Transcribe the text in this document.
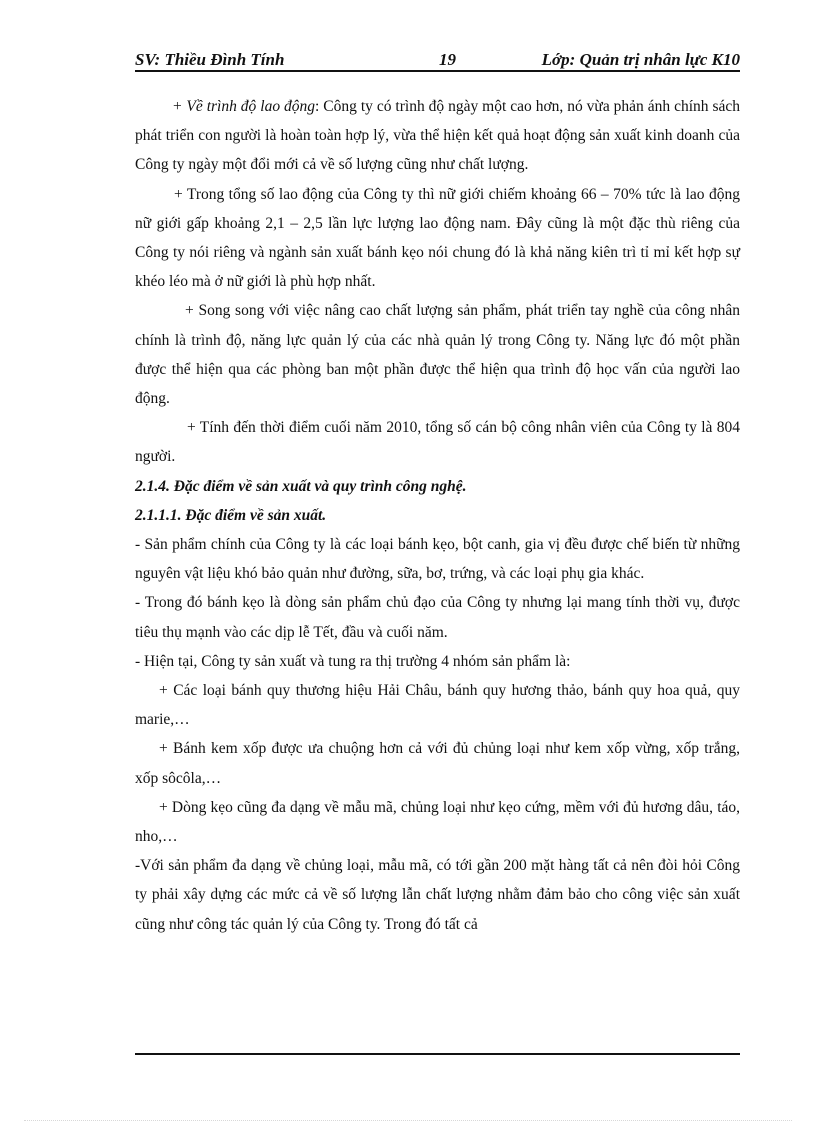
SV: Thiều Đình Tính	19	Lớp: Quản trị nhân lực K10

+ Về trình độ lao động: Công ty có trình độ ngày một cao hơn, nó vừa phản ánh chính sách phát triển con người là hoàn toàn hợp lý, vừa thể hiện kết quả hoạt động sản xuất kinh doanh của Công ty ngày một đổi mới cả về số lượng cũng như chất lượng.

+ Trong tổng số lao động của Công ty thì nữ giới chiếm khoảng 66 – 70% tức là lao động nữ giới gấp khoảng 2,1 – 2,5 lần lực lượng lao động nam. Đây cũng là một đặc thù riêng của Công ty nói riêng và ngành sản xuất bánh kẹo nói chung đó là khả năng kiên trì tỉ mỉ kết hợp sự khéo léo mà ở nữ giới là phù hợp nhất.

+ Song song với việc nâng cao chất lượng sản phẩm, phát triển tay nghề của công nhân chính là trình độ, năng lực quản lý của các nhà quản lý trong Công ty. Năng lực đó một phần được thể hiện qua các phòng ban một phần được thể hiện qua trình độ học vấn của người lao động.

+ Tính đến thời điểm cuối năm 2010, tổng số cán bộ công nhân viên của Công ty là 804 người.

2.1.4. Đặc điểm về sản xuất và quy trình công nghệ.

2.1.1.1. Đặc điểm về sản xuất.

- Sản phẩm chính của Công ty là các loại bánh kẹo, bột canh, gia vị đều được chế biến từ những nguyên vật liệu khó bảo quản như đường, sữa, bơ, trứng, và các loại phụ gia khác.

- Trong đó bánh kẹo là dòng sản phẩm chủ đạo của Công ty nhưng lại mang tính thời vụ, được tiêu thụ mạnh vào các dịp lễ Tết, đầu và cuối năm.

- Hiện tại, Công ty sản xuất và tung ra thị trường 4 nhóm sản phẩm là:

+ Các loại bánh quy thương hiệu Hải Châu, bánh quy hương thảo, bánh quy hoa quả, quy marie,…

+ Bánh kem xốp được ưa chuộng hơn cả với đủ chủng loại như kem xốp vừng, xốp trắng, xốp sôcôla,…

+ Dòng kẹo cũng đa dạng về mẫu mã, chủng loại như kẹo cứng, mềm với đủ hương dâu, táo, nho,…

-Với sản phẩm đa dạng về chủng loại, mẫu mã, có tới gần 200 mặt hàng tất cả nên đòi hỏi Công ty phải xây dựng các mức cả về số lượng lẫn chất lượng nhằm đảm bảo cho công việc sản xuất cũng như công tác quản lý của Công ty. Trong đó tất cả
